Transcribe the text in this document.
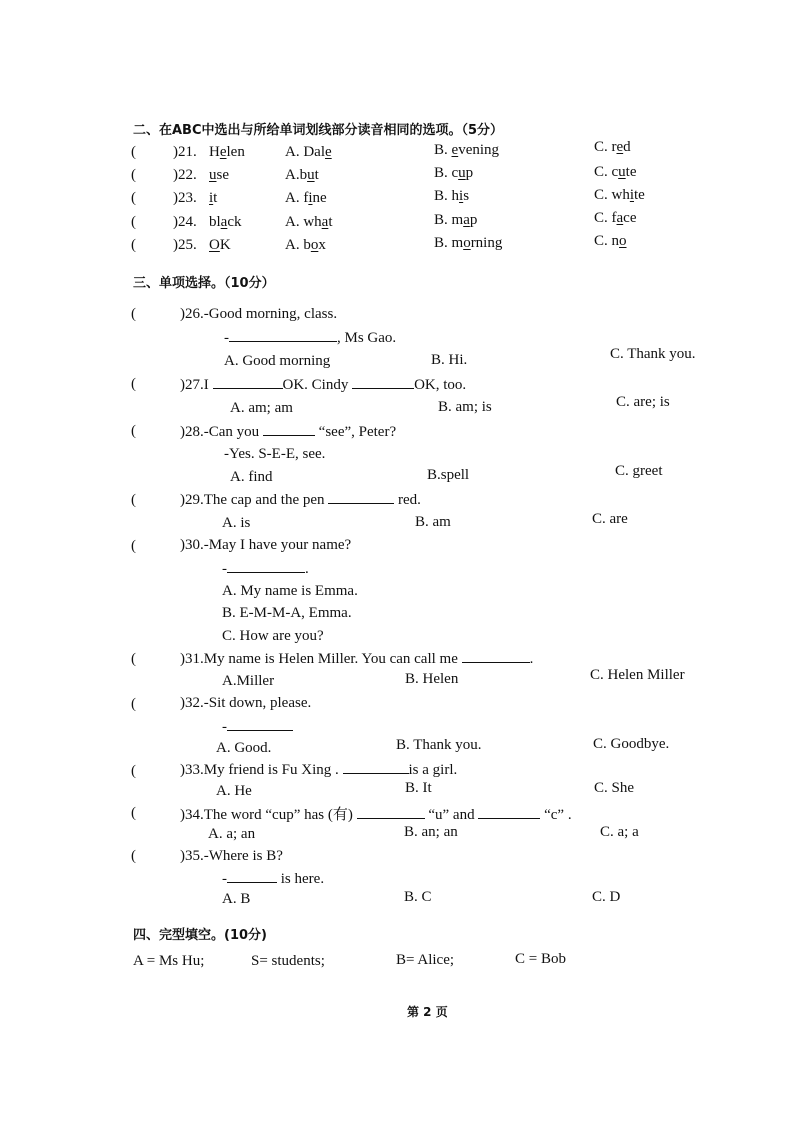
二、在ABC中选出与所给单词划线部分读音相同的选项。（5分）
( )21. Helen	A. Dale	B. evening	C. red
( )22. use	A.but	B. cup	C. cute
( )23. it	A. fine	B. his	C. white
( )24. black	A. what	B. map	C. face
( )25. OK	A. box	B. morning	C. no
三、单项选择。（10分）
(	)26.-Good morning, class.
-	, Ms Gao.
A. Good morning	B. Hi.	C. Thank you.
(	)27.I	OK. Cindy	OK, too.
A. am; am	B. am; is	C. are; is
(	)28.-Can you	“see”, Peter?
-Yes. S-E-E, see.
A. find	B.spell	C. greet
(	)29.The cap and the pen	red.
A. is	B. am	C. are
(	)30.-May I have your name?
-	.
A. My name is Emma.
B. E-M-M-A, Emma.
C. How are you?
(	)31.My name is Helen Miller. You can call me	.
A.Miller	B. Helen	C. Helen Miller
(	)32.-Sit down, please.
-
A. Good.	B. Thank you.	C. Goodbye.
(	)33.My friend is Fu Xing .	is a girl.
A. He	B. It	C. She
(	)34.The word “cup” has (有)	“u” and	“c” .
A. a; an	B. an; an	C. a; a
(	)35.-Where is B?
-	is here.
A. B	B. C	C. D
四、完型填空。(10分)
A = Ms Hu;	S= students;	B= Alice;	C = Bob
第 2 页
